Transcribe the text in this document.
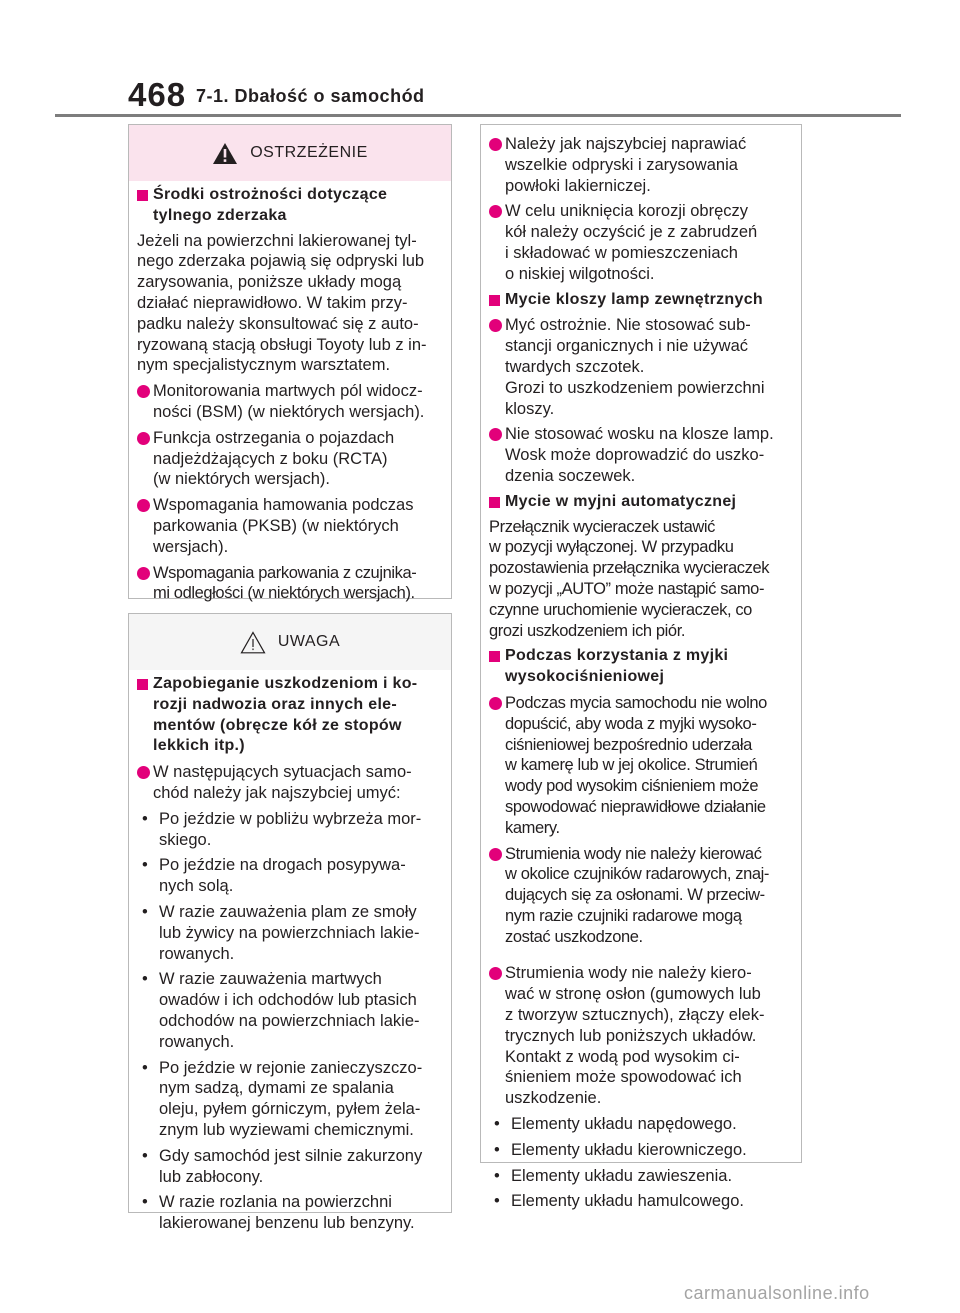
468 7-1. Dbałość o samochód
OSTRZEŻENIE
Środki ostrożności dotyczące
tylnego zderzaka
Jeżeli na powierzchni lakierowanej tyl-
nego zderzaka pojawią się odpryski lub
zarysowania, poniższe układy mogą
działać nieprawidłowo. W takim przy-
padku należy skonsultować się z auto-
ryzowaną stacją obsługi Toyoty lub z in-
nym specjalistycznym warsztatem.
Monitorowania martwych pól widocz-
ności (BSM) (w niektórych wersjach).
Funkcja ostrzegania o pojazdach
nadjeżdżających z boku (RCTA)
(w niektórych wersjach).
Wspomagania hamowania podczas
parkowania (PKSB) (w niektórych
wersjach).
Wspomagania parkowania z czujnika-
mi odległości (w niektórych wersjach).
UWAGA
Zapobieganie uszkodzeniom i ko-
rozji nadwozia oraz innych ele-
mentów (obręcze kół ze stopów
lekkich itp.)
W następujących sytuacjach samo-
chód należy jak najszybciej umyć:
• Po jeździe w pobliżu wybrzeża mor-
skiego.
• Po jeździe na drogach posypywa-
nych solą.
• W razie zauważenia plam ze smoły
lub żywicy na powierzchniach lakie-
rowanych.
• W razie zauważenia martwych
owadów i ich odchodów lub ptasich
odchodów na powierzchniach lakie-
rowanych.
• Po jeździe w rejonie zanieczyszczo-
nym sadzą, dymami ze spalania
oleju, pyłem górniczym, pyłem żela-
znym lub wyziewami chemicznymi.
• Gdy samochód jest silnie zakurzony
lub zabłocony.
• W razie rozlania na powierzchni
lakierowanej benzenu lub benzyny.
Należy jak najszybciej naprawiać
wszelkie odpryski i zarysowania
powłoki lakierniczej.
W celu uniknięcia korozji obręczy
kół należy oczyścić je z zabrudzeń
i składować w pomieszczeniach
o niskiej wilgotności.
Mycie kloszy lamp zewnętrznych
Myć ostrożnie. Nie stosować sub-
stancji organicznych i nie używać
twardych szczotek.
Grozi to uszkodzeniem powierzchni
kloszy.
Nie stosować wosku na klosze lamp.
Wosk może doprowadzić do uszko-
dzenia soczewek.
Mycie w myjni automatycznej
Przełącznik wycieraczek ustawić
w pozycji wyłączonej. W przypadku
pozostawienia przełącznika wycieraczek
w pozycji „AUTO” może nastąpić samo-
czynne uruchomienie wycieraczek, co
grozi uszkodzeniem ich piór.
Podczas korzystania z myjki
wysokociśnieniowej
Podczas mycia samochodu nie wolno
dopuścić, aby woda z myjki wysoko-
ciśnieniowej bezpośrednio uderzała
w kamerę lub w jej okolice. Strumień
wody pod wysokim ciśnieniem może
spowodować nieprawidłowe działanie
kamery.
Strumienia wody nie należy kierować
w okolice czujników radarowych, znaj-
dujących się za osłonami. W przeciw-
nym razie czujniki radarowe mogą
zostać uszkodzone.
Strumienia wody nie należy kiero-
wać w stronę osłon (gumowych lub
z tworzyw sztucznych), złączy elek-
trycznych lub poniższych układów.
Kontakt z wodą pod wysokim ci-
śnieniem może spowodować ich
uszkodzenie.
• Elementy układu napędowego.
• Elementy układu kierowniczego.
• Elementy układu zawieszenia.
• Elementy układu hamulcowego.
carmanualsonline.info
